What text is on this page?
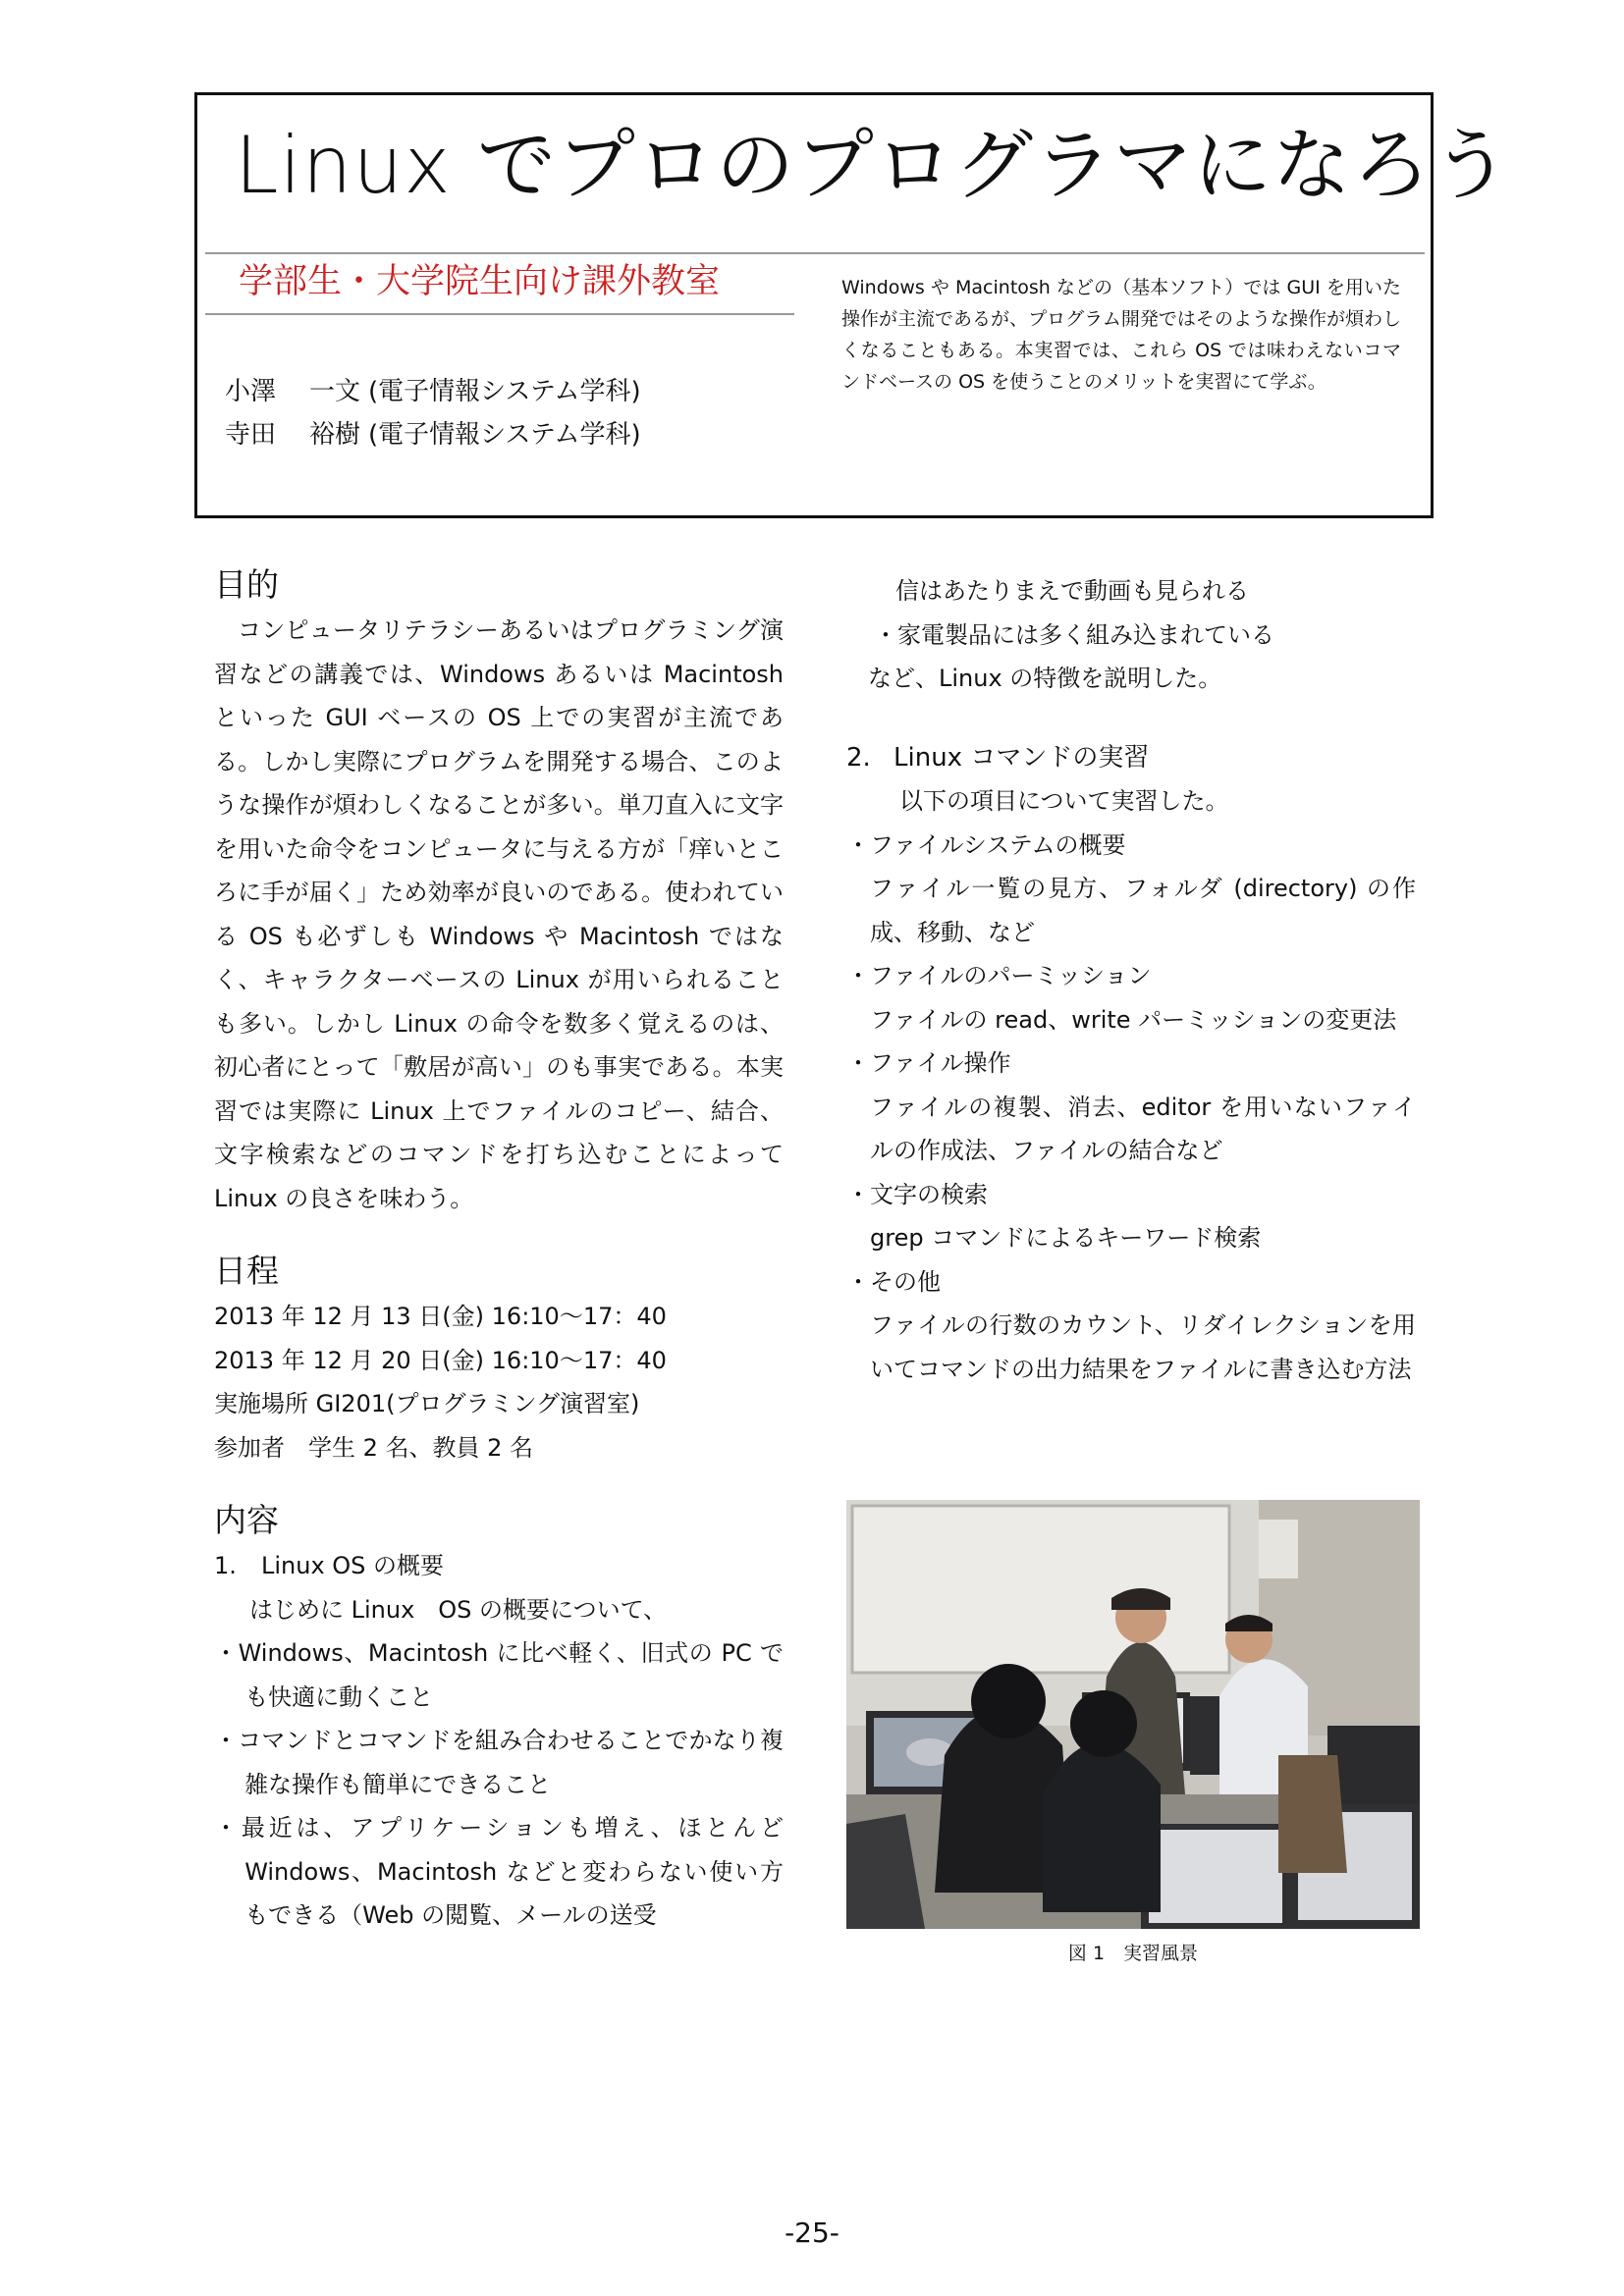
Linux でプロのプログラマになろう
学部生・大学院生向け課外教室
小澤 一文 (電子情報システム学科)
寺田 裕樹 (電子情報システム学科)
Windows や Macintosh などの（基本ソフト）では GUI を用いた操作が主流であるが、プログラム開発ではそのような操作が煩わしくなることもある。本実習では、これら OS では味わえないコマンドベースの OS を使うことのメリットを実習にて学ぶ。
目的

コンピュータリテラシーあるいはプログラミング演習などの講義では、Windows あるいは Macintosh といった GUI ベースの OS 上での実習が主流である。しかし実際にプログラムを開発する場合、このような操作が煩わしくなることが多い。単刀直入に文字を用いた命令をコンピュータに与える方が「痒いところに手が届く」ため効率が良いのである。使われている OS も必ずしも Windows や Macintosh ではなく、キャラクターベースの Linux が用いられることも多い。しかし Linux の命令を数多く覚えるのは、初心者にとって「敷居が高い」のも事実である。本実習では実際に Linux 上でファイルのコピー、結合、文字検索などのコマンドを打ち込むことによって Linux の良さを味わう。

日程

2013 年 12 月 13 日(金) 16:10～17：40

2013 年 12 月 20 日(金) 16:10～17：40

実施場所 GI201(プログラミング演習室)

参加者　学生 2 名、教員 2 名

内容

1. Linux OS の概要

はじめに Linux　OS の概要について、

・Windows、Macintosh に比べ軽く、旧式の PC でも快適に動くこと

・コマンドとコマンドを組み合わせることでかなり複雑な操作も簡単にできること

・最近は、アプリケーションも増え、ほとんど Windows、Macintosh などと変わらない使い方もできる（Web の閲覧、メールの送受

信はあたりまえで動画も見られる

・家電製品には多く組み込まれている

など、Linux の特徴を説明した。

2. Linux コマンドの実習

以下の項目について実習した。

・ファイルシステムの概要

ファイル一覧の見方、フォルダ (directory) の作成、移動、など

・ファイルのパーミッション

ファイルの read、write パーミッションの変更法

・ファイル操作

ファイルの複製、消去、editor を用いないファイルの作成法、ファイルの結合など

・文字の検索

grep コマンドによるキーワード検索

・その他

ファイルの行数のカウント、リダイレクションを用いてコマンドの出力結果をファイルに書き込む方法

図 1　実習風景
-25-
